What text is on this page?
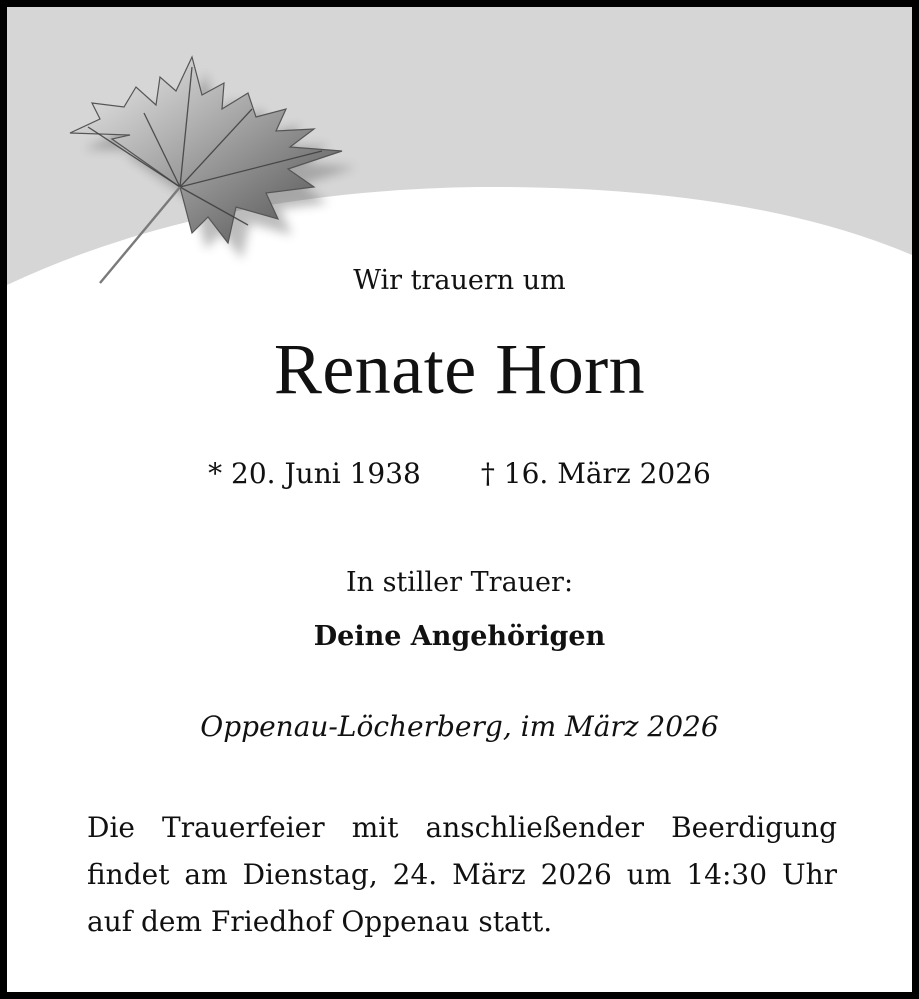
Wir trauern um
Renate Horn
* 20. Juni 1938 † 16. März 2026
In stiller Trauer:
Deine Angehörigen
Oppenau-Löcherberg, im März 2026
Die Trauerfeier mit anschließender Beerdigung
findet am Dienstag, 24. März 2026 um 14:30 Uhr
auf dem Friedhof Oppenau statt.
